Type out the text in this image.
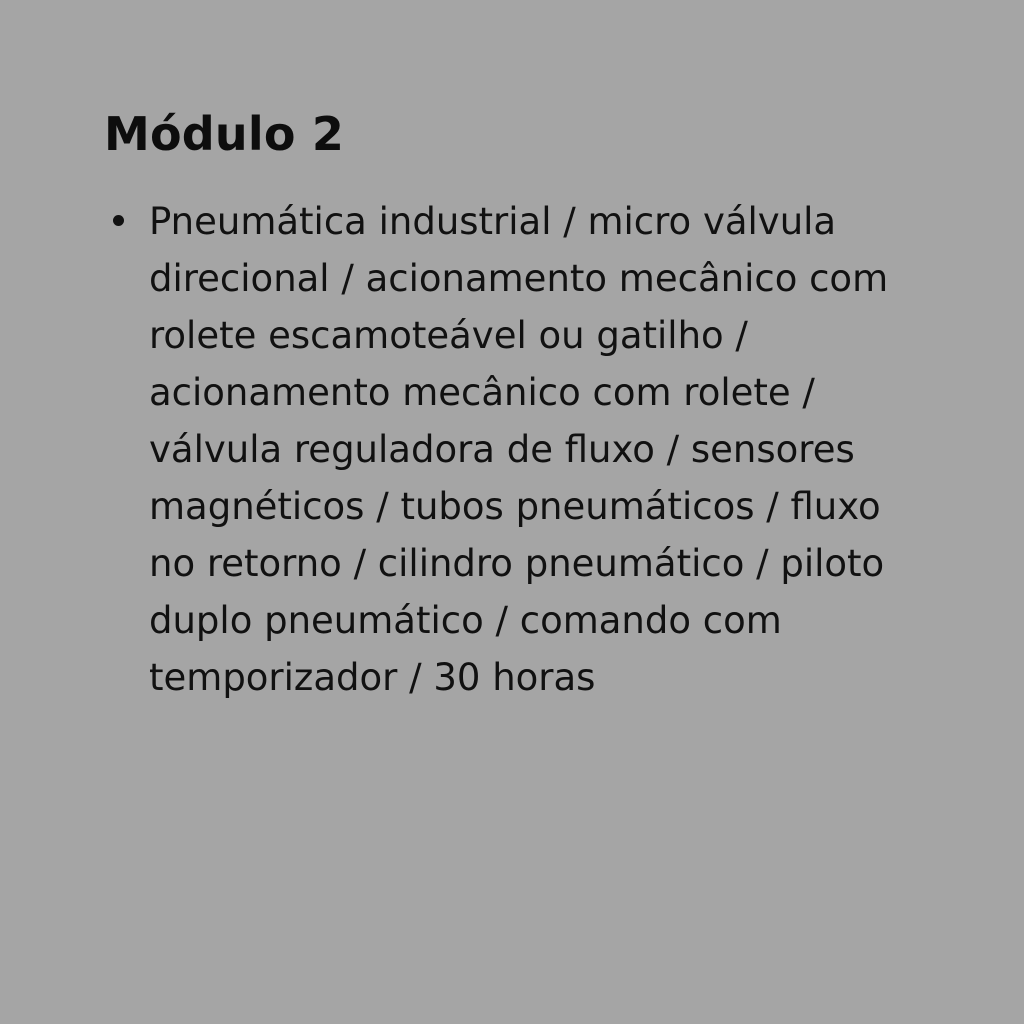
Módulo 2
Pneumática industrial / micro válvula
direcional / acionamento mecânico com
rolete escamoteável ou gatilho /
acionamento mecânico com rolete /
válvula reguladora de fluxo / sensores
magnéticos / tubos pneumáticos / fluxo
no retorno / cilindro pneumático / piloto
duplo pneumático / comando com
temporizador / 30 horas
